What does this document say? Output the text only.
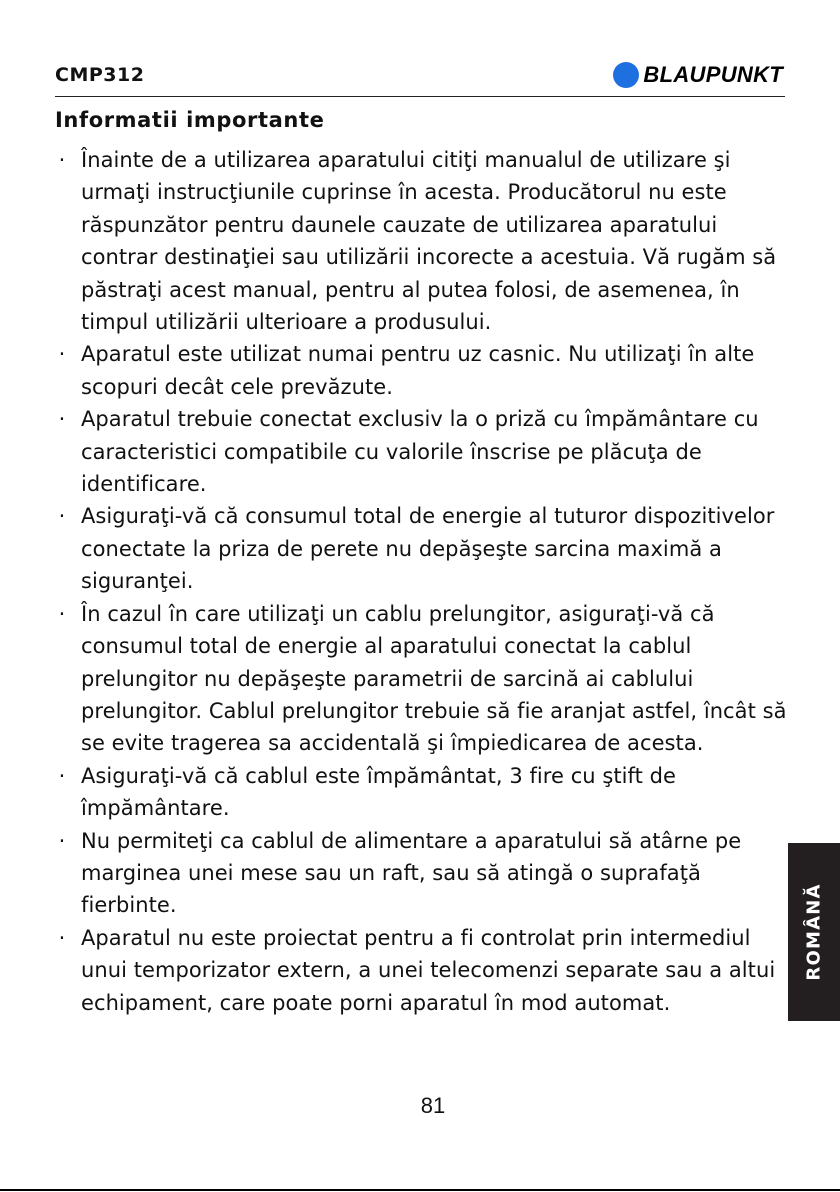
CMP312	BLAUPUNKT
Informatii importante
· Înainte de a utilizarea aparatului citiţi manualul de utilizare şi urmaţi instrucţiunile cuprinse în acesta. Producătorul nu este răspunzător pentru daunele cauzate de utilizarea aparatului contrar destinaţiei sau utilizării incorecte a acestuia. Vă rugăm să păstraţi acest manual, pentru al putea folosi, de asemenea, în timpul utilizării ulterioare a produsului.
· Aparatul este utilizat numai pentru uz casnic. Nu utilizaţi în alte scopuri decât cele prevăzute.
· Aparatul trebuie conectat exclusiv la o priză cu împământare cu caracteristici compatibile cu valorile înscrise pe plăcuţa de identificare.
· Asiguraţi-vă că consumul total de energie al tuturor dispozitivelor conectate la priza de perete nu depăşeşte sarcina maximă a siguranţei.
· În cazul în care utilizaţi un cablu prelungitor, asiguraţi-vă că consumul total de energie al aparatului conectat la cablul prelungitor nu depăşeşte parametrii de sarcină ai cablului prelungitor. Cablul prelungitor trebuie să fie aranjat astfel, încât să se evite tragerea sa accidentală şi împiedicarea de acesta.
· Asiguraţi-vă că cablul este împământat, 3 fire cu ştift de împământare.
· Nu permiteţi ca cablul de alimentare a aparatului să atârne pe marginea unei mese sau un raft, sau să atingă o suprafaţă fierbinte.
· Aparatul nu este proiectat pentru a fi controlat prin intermediul unui temporizator extern, a unei telecomenzi separate sau a altui echipament, care poate porni aparatul în mod automat.
81
ROMÂNĂ
